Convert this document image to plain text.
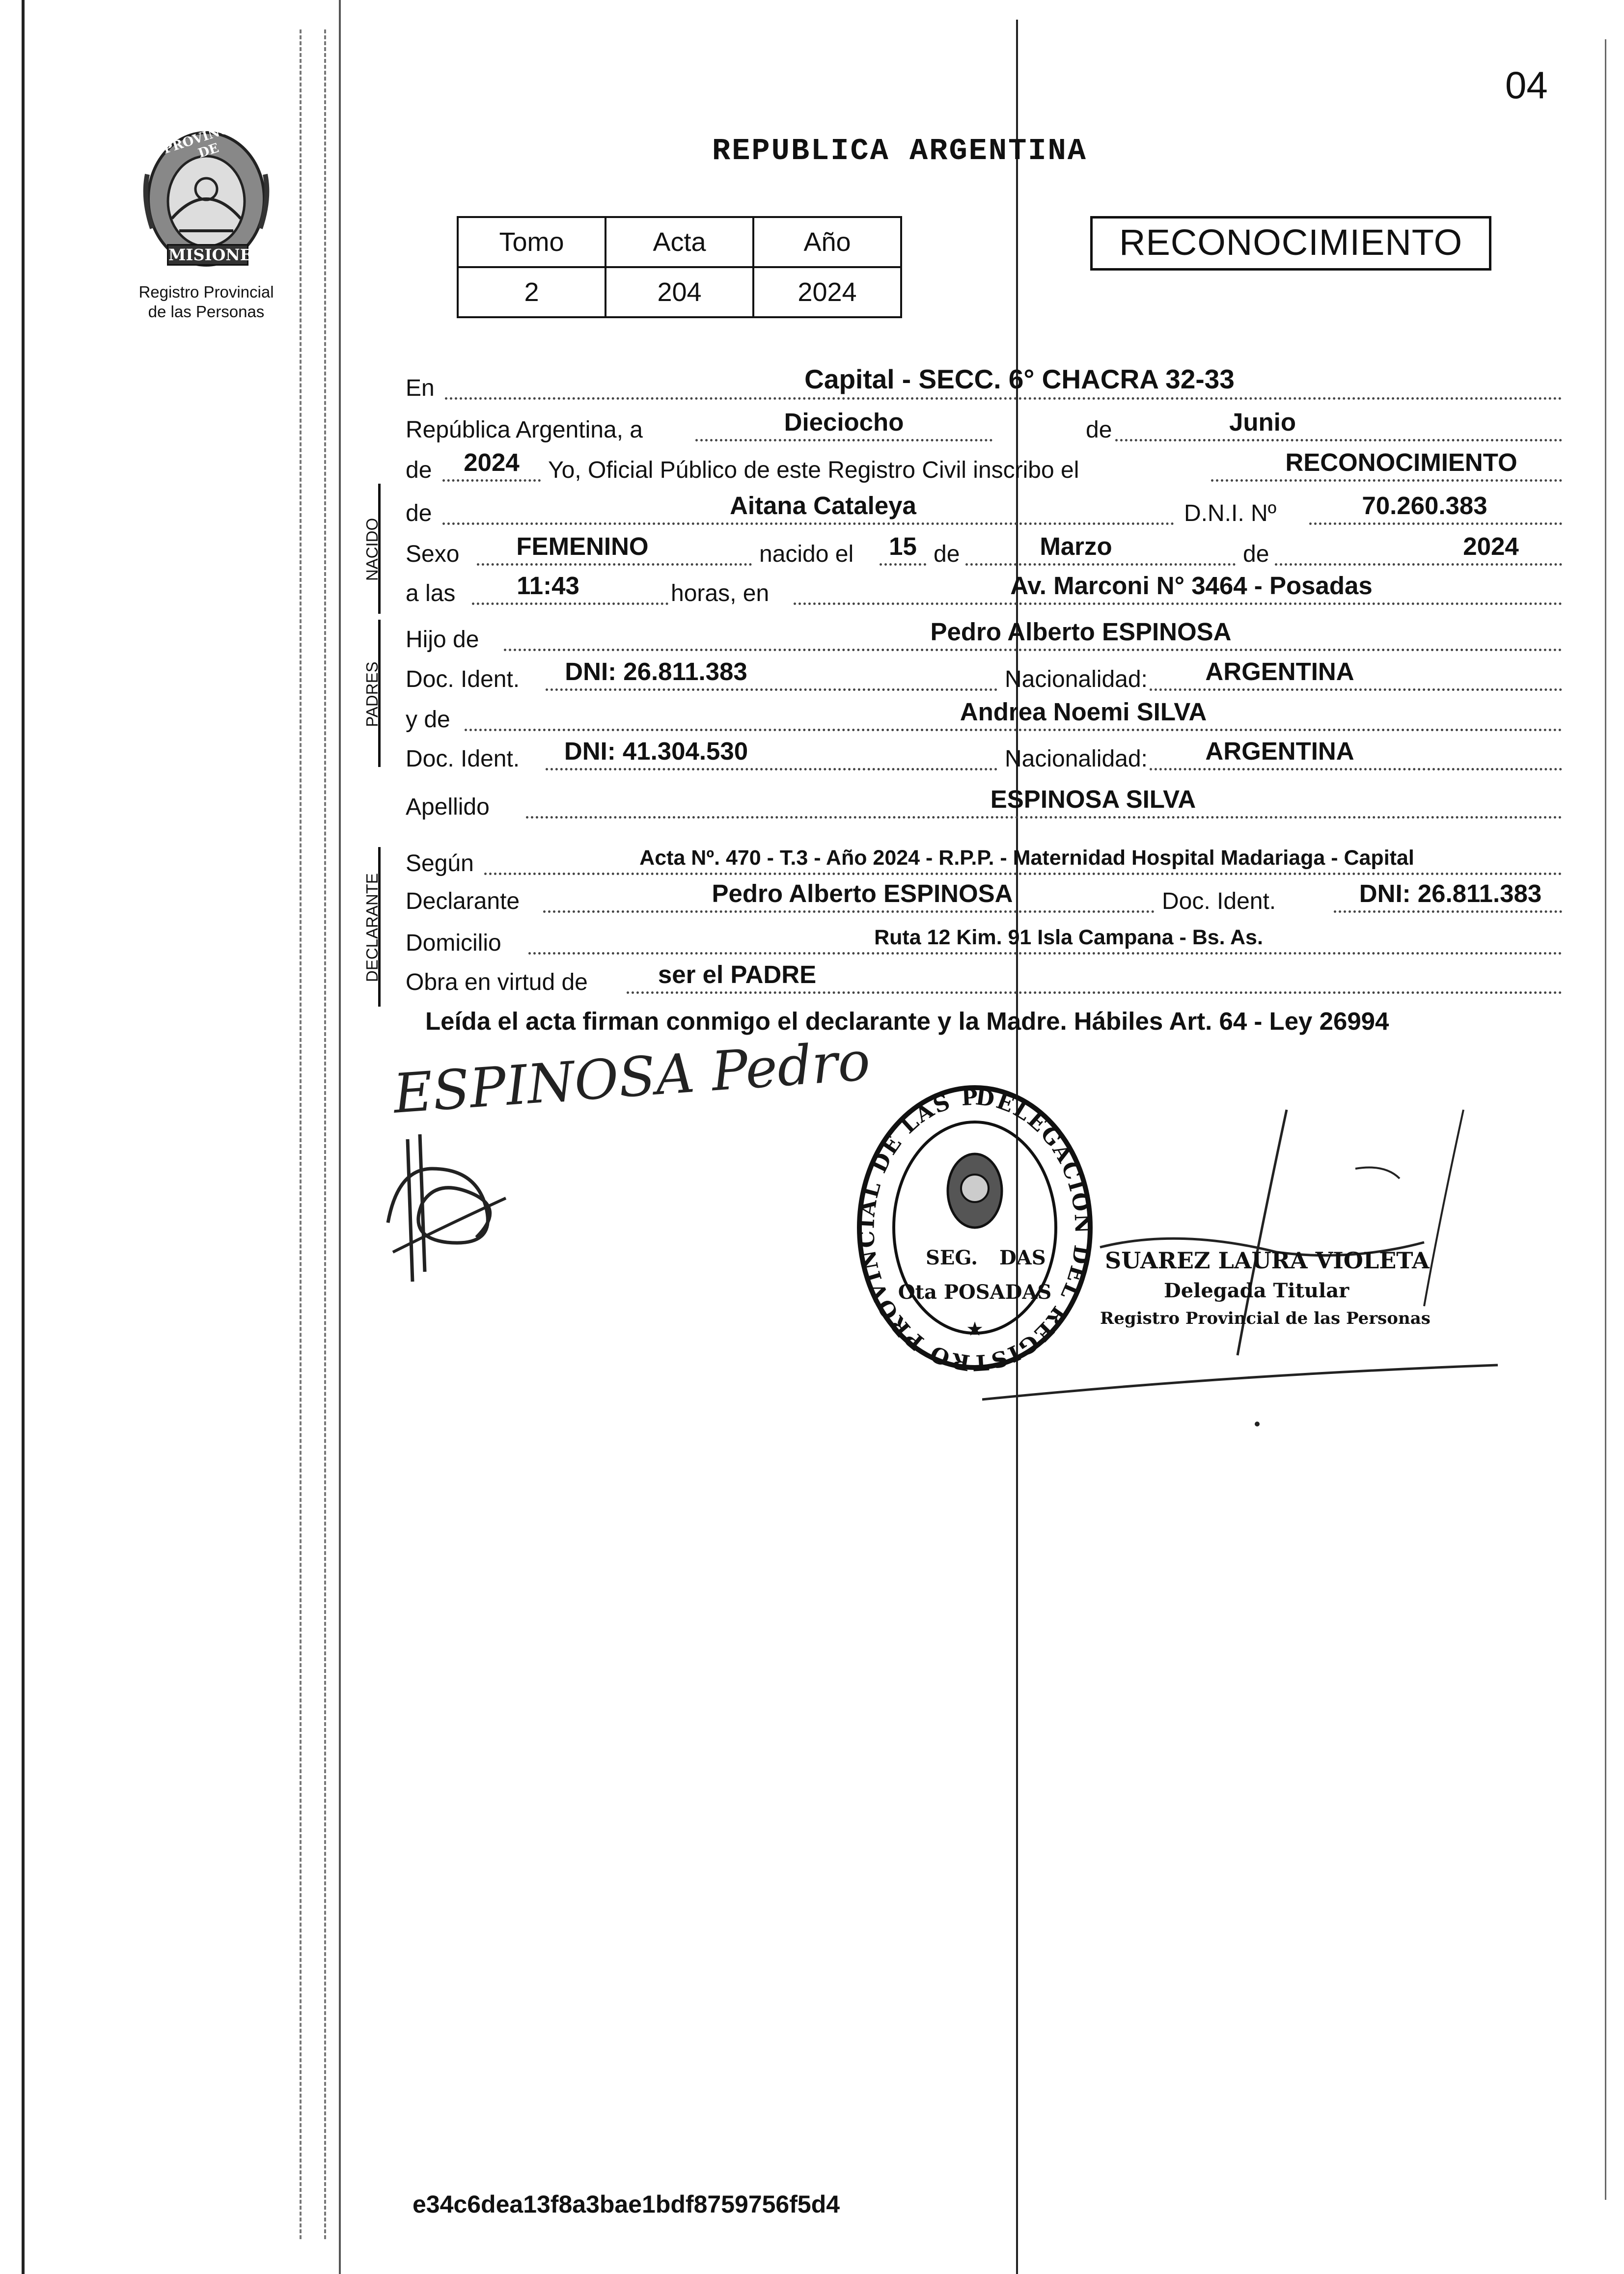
04
PROVINCIA DE
MISIONES
Registro Provincial
de las Personas
REPUBLICA ARGENTINA
Tomo	Acta	Año
2	204	2024
RECONOCIMIENTO
NACIDO
PADRES
DECLARANTE
En	Capital - SECC. 6° CHACRA 32-33
República Argentina, a	Dieciocho	de	Junio
de	2024	Yo, Oficial Público de este Registro Civil inscribo el	RECONOCIMIENTO
de	Aitana Cataleya	D.N.I. Nº	70.260.383
Sexo	FEMENINO	nacido el	15 de	Marzo	de	2024
a las	11:43	horas, en	Av. Marconi N° 3464 - Posadas
Hijo de	Pedro Alberto ESPINOSA
Doc. Ident.	DNI: 26.811.383	Nacionalidad:	ARGENTINA
y de	Andrea Noemi SILVA
Doc. Ident.	DNI: 41.304.530	Nacionalidad:	ARGENTINA
Apellido	ESPINOSA SILVA
Según	Acta Nº. 470 - T.3 - Año 2024 - R.P.P. - Maternidad Hospital Madariaga - Capital
Declarante	Pedro Alberto ESPINOSA	Doc. Ident.	DNI: 26.811.383
Domicilio	Ruta 12 Kim. 91 Isla Campana - Bs. As.
Obra en virtud de	ser el PADRE
Leída el acta firman conmigo el declarante y la Madre. Hábiles Art. 64 - Ley 26994
ESPINOSA Pedro	DELEGACION DEL REGISTRO PROVINCIAL DE LAS P
SEG. DAS
Ota POSADAS
★
SUAREZ LAURA VIOLETA
Delegada Titular
Registro Provincial de las Personas
e34c6dea13f8a3bae1bdf8759756f5d4
